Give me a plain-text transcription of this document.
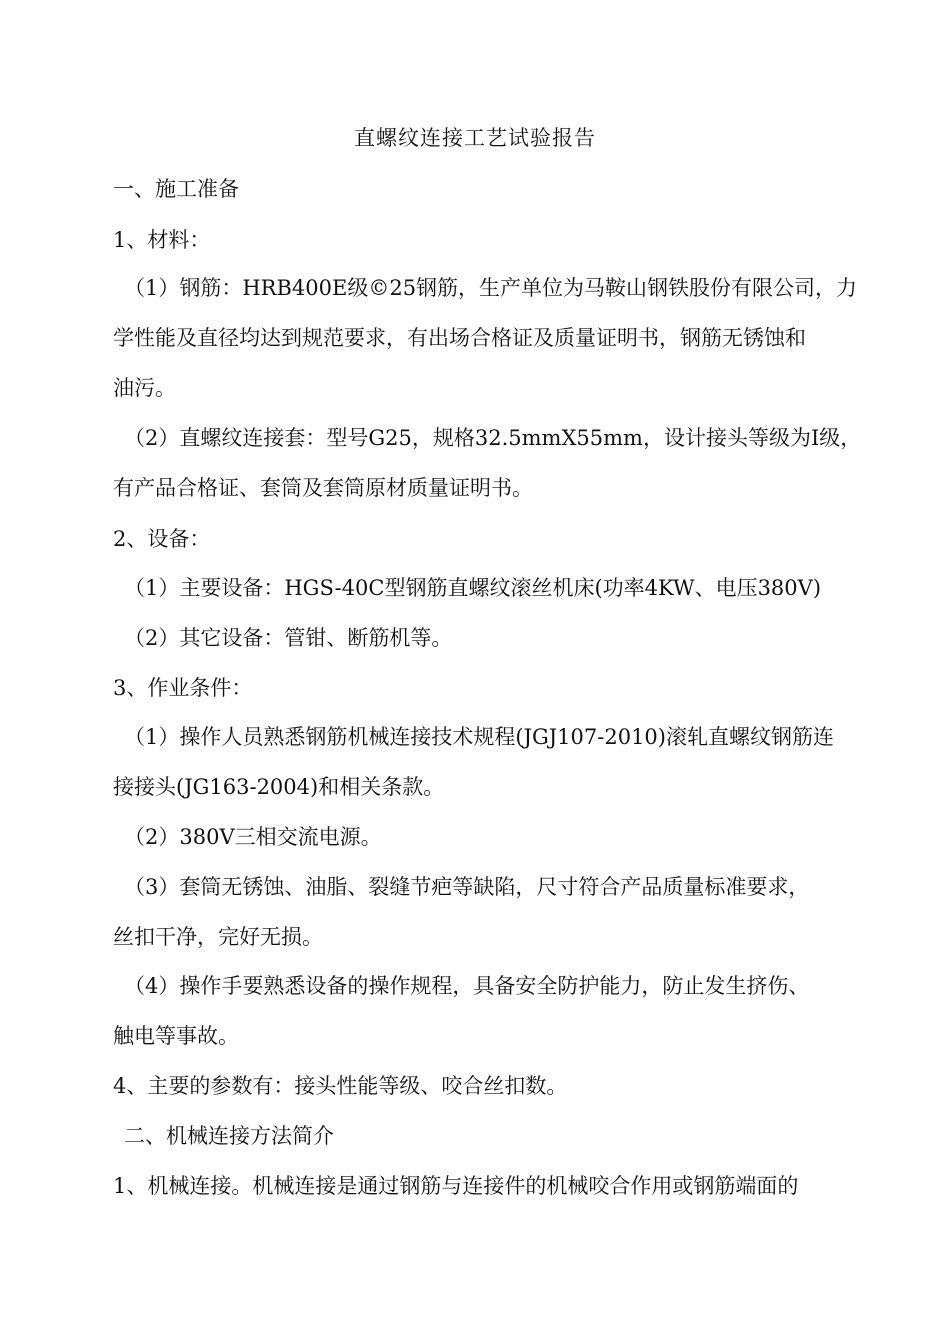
直螺纹连接工艺试验报告
一、施工准备
1、材料：
（1）钢筋：HRB400E级©25钢筋，生产单位为马鞍山钢铁股份有限公司，力
学性能及直径均达到规范要求，有出场合格证及质量证明书，钢筋无锈蚀和
油污。
（2）直螺纹连接套：型号G25，规格32.5mmX55mm，设计接头等级为Ⅰ级，
有产品合格证、套筒及套筒原材质量证明书。
2、设备：
（1）主要设备：HGS-40C型钢筋直螺纹滚丝机床(功率4KW、电压380V)
（2）其它设备：管钳、断筋机等。
3、作业条件：
（1）操作人员熟悉钢筋机械连接技术规程(JGJ107-2010)滚轧直螺纹钢筋连
接接头(JG163-2004)和相关条款。
（2）380V三相交流电源。
（3）套筒无锈蚀、油脂、裂缝节疤等缺陷，尺寸符合产品质量标准要求，
丝扣干净，完好无损。
（4）操作手要熟悉设备的操作规程，具备安全防护能力，防止发生挤伤、
触电等事故。
4、主要的参数有：接头性能等级、咬合丝扣数。
二、机械连接方法简介
1、机械连接。机械连接是通过钢筋与连接件的机械咬合作用或钢筋端面的
